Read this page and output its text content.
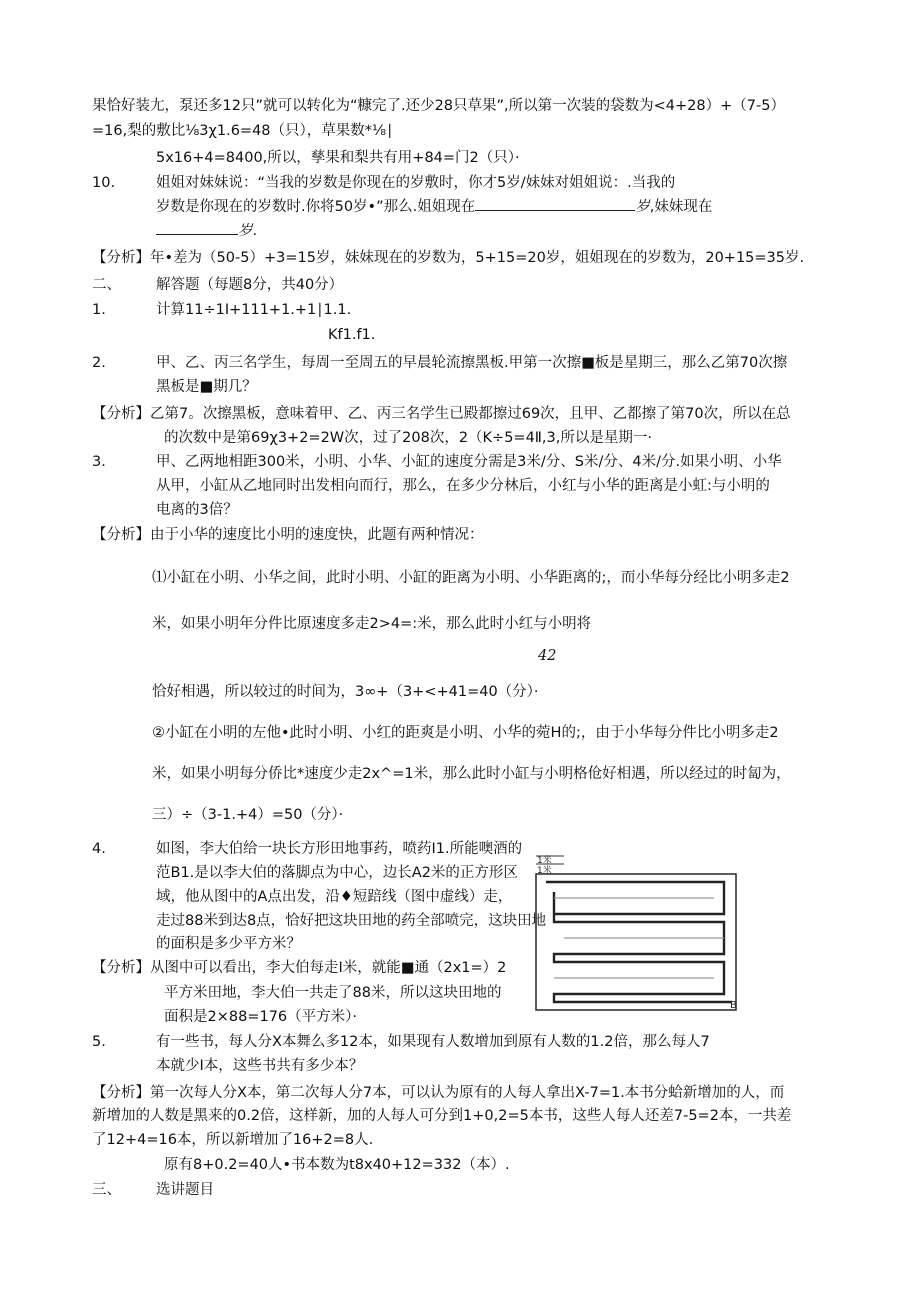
果恰好装尢，泵还多12只”就可以转化为“糠完了.还少28只草果”,所以第一次装的袋数为<4+28）+（7-5）
=16,梨的敷比⅛3χ1.6=48（只），草果数*⅛∣
5x16+4=8400,所以，孳果和梨共有用+84=门2（只）·
10.	姐姐对妹妹说：“当我的岁数是你现在的岁敷时，你才5岁/妹妹对姐姐说：.当我的
岁数是你现在的岁数时.你将50岁•”那么.姐姐现在	岁,妹妹现在
岁.
【分析】年•差为（50-5）+3=15岁，妹妹现在的岁数为，5+15=20岁，姐姐现在的岁数为，20+15=35岁.
二、 解答题（每题8分，共40分）
1.	计算11÷1I+111+1.+1∣1.1.
Kf1.f1.
2.	甲、乙、丙三名学生，每周一至周五的早晨轮流擦黑板.甲第一次擦■板是星期三，那么乙第70次擦
黑板是■期几？
【分析】乙第7。次擦黑板，意味着甲、乙、丙三名学生已殿都擦过69次，且甲、乙都擦了第70次，所以在总
的次数中是第69χ3+2=2W次，过了208次，2（K÷5=4Ⅱ,3,所以是星期一·
3.	甲、乙两地相距300米，小明、小华、小缸的速度分需是3米/分、S米/分、4米/分.如果小明、小华
从甲，小缸从乙地同时出发相向而行，那么，在多少分林后，小红与小华的距离是小虹:与小明的
电离的3倍？
【分析】由于小华的速度比小明的速度快，此题有两种情况：
⑴小缸在小明、小华之间，此时小明、小缸的距离为小明、小华距离的;，而小华每分经比小明多走2
米，如果小明年分件比原速度多走2>4=:米，那么此时小红与小明将
42
恰好相遇，所以较过的时间为，3∞+（3+<+41=40（分）·
②小缸在小明的左他•此时小明、小红的距爽是小明、小华的菀H的;，由于小华每分件比小明多走2
米，如果小明每分侨比*速度少走2x^=1米，那么此时小缸与小明格伧好相遇，所以经过的时匐为，
三）÷（3-1.+4）=50（分）·
4.	如图，李大伯给一块长方形田地事药，喷药I1.所能噢酒的
范B1.是以李大伯的落脚点为中心，边长A2米的正方形区
域，他从图中的A点出发，沿♦短踣线（图中虚线）走，
走过88米到达8点，恰好把这块田地的药全部喷完，这块田地
的面积是多少平方米？
【分析】从图中可以看出，李大伯每走I米，就能■通（2x1=）2
平方米田地，李大伯一共走了88米，所以这块田地的
面积是2×88=176（平方米）·
1米
1米
B
5.	有一些书，每人分X本舞么多12本，如果现有人数增加到原有人数的1.2倍，那么每人7
本就少I本，这些书共有多少本？
【分析】第一次每人分X本，第二次每人分7本，可以认为原有的人每人拿出X-7=1.本书分蛤新增加的人，而
新增加的人数是黑来的0.2倍，这样新，加的人每人可分到1+0,2=5本书，这些人每人还差7-5=2本，一共差
了12+4=16本，所以新增加了16+2=8人.
原有8+0.2=40人•书本数为t8x40+12=332（本）.
三、 选讲题目
